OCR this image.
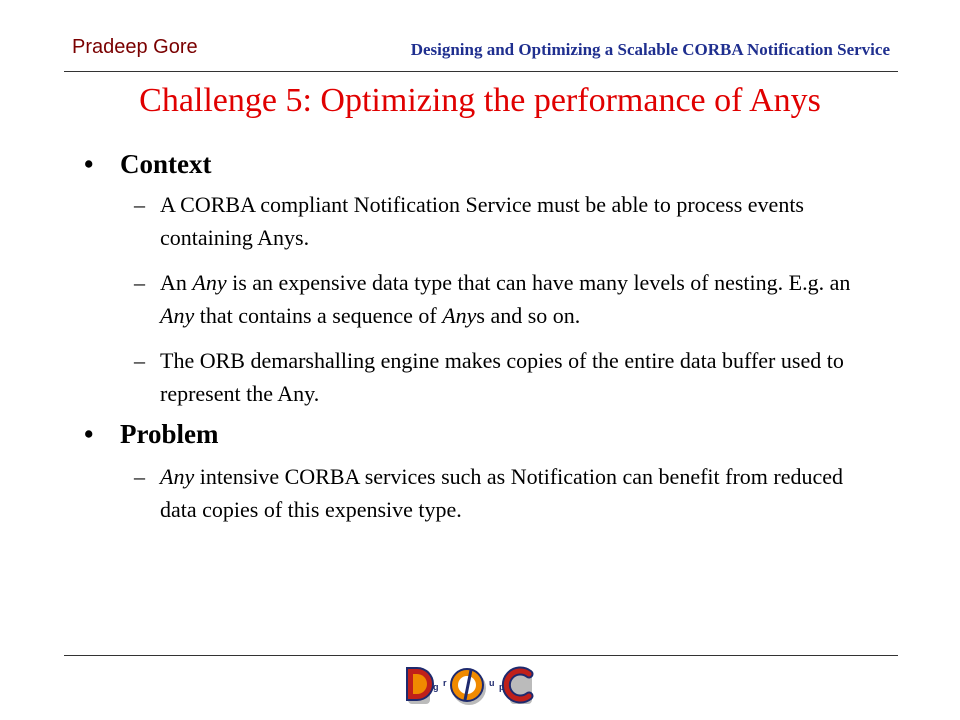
Pradeep Gore	Designing and Optimizing a Scalable CORBA Notification Service
Challenge 5: Optimizing the performance of Anys
• Context
– A CORBA compliant Notification Service must be able to process events containing Anys.
– An Any is an expensive data type that can have many levels of nesting. E.g. an Any that contains a sequence of Anys and so on.
– The ORB demarshalling engine makes copies of the entire data buffer used to represent the Any.
• Problem
– Any intensive CORBA services such as Notification can benefit from reduced data copies of this expensive type.
g r	u p
